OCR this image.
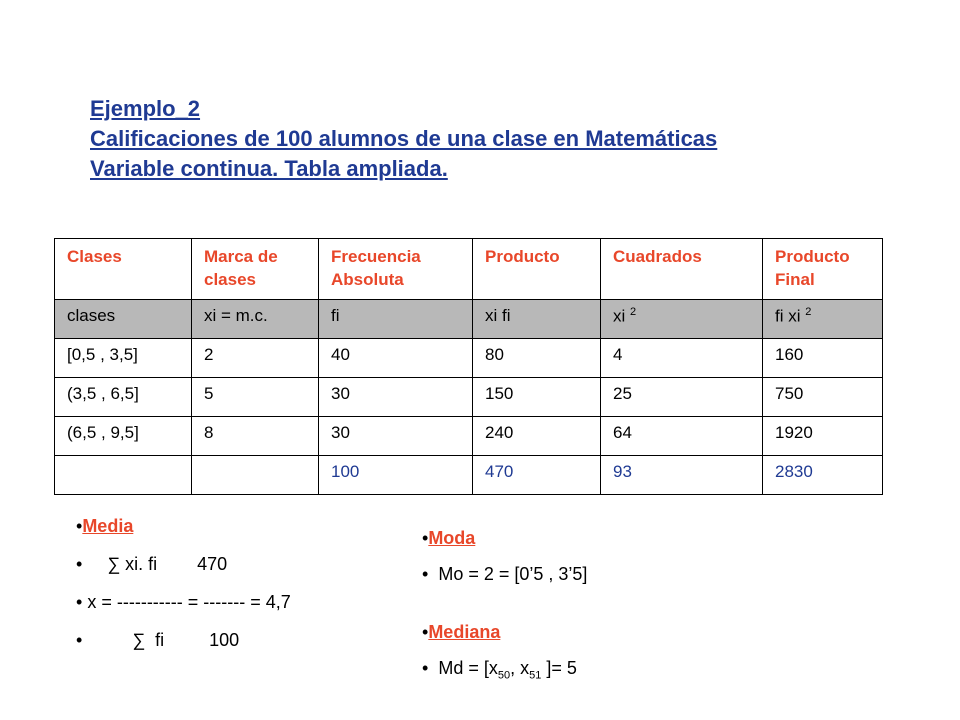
Ejemplo_2
Calificaciones de 100 alumnos de una clase en Matemáticas
Variable continua. Tabla ampliada.
Clases	Marca de clases	Frecuencia Absoluta	Producto	Cuadrados	Producto Final
clases	xi = m.c.	fi	xi fi	xi $^2$	fi xi $^2$
[0,5 , 3,5]	2	40	80	4	160
(3,5 , 6,5]	5	30	150	25	750
(6,5 , 9,5]	8	30	240	64	1920
		100	470	93	2830
•Media
•     ∑ xi. fi        470
• x = ----------- = ------- = 4,7
•          ∑  fi         100
•Moda
• Mo = 2 = [0’5 , 3’5]
•Mediana
• $Md = [x_{50}$, $x_{51}$ ]= 5
